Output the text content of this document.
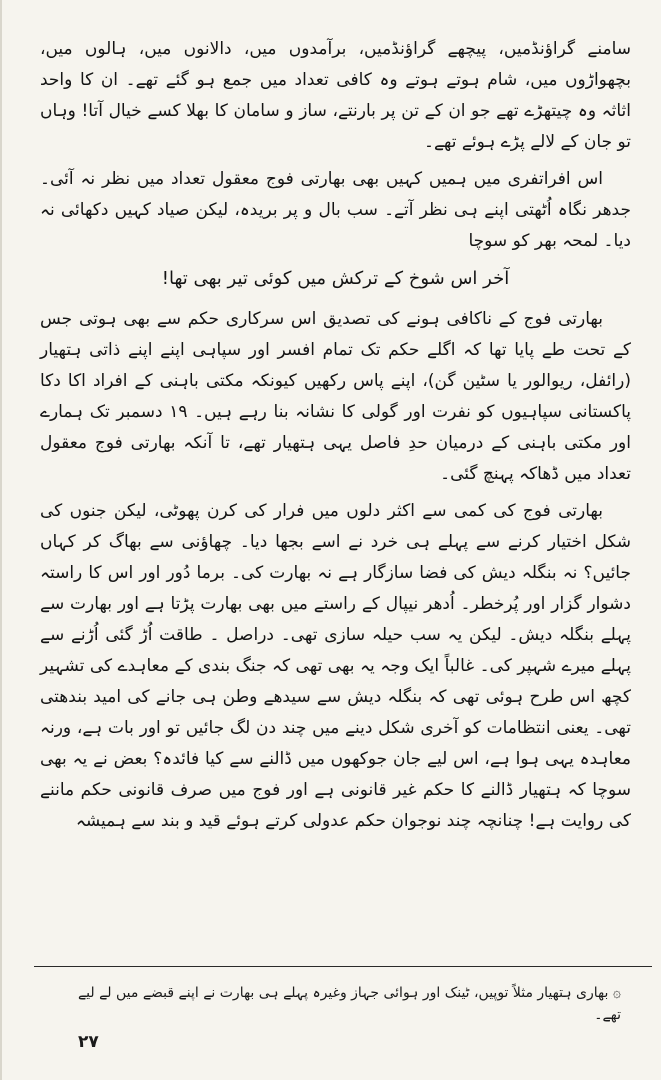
سامنے گراؤنڈمیں، پیچھے گراؤنڈمیں، برآمدوں میں، دالانوں میں، ہالوں میں، بچھواڑوں میں، شام ہوتے ہوتے وہ کافی تعداد میں جمع ہو گئے تھے۔ ان کا واحد اثاثہ وہ چیتھڑے تھے جو ان کے تن پر بارنتے، ساز و سامان کا بھلا کسے خیال آتا! وہاں تو جان کے لالے پڑے ہوئے تھے۔

اس افراتفری میں ہمیں کہیں بھی بھارتی فوج معقول تعداد میں نظر نہ آئی۔ جدھر نگاہ اُٹھتی اپنے ہی نظر آتے۔ سب بال و پر بریدہ، لیکن صیاد کہیں دکھائی نہ دیا۔ لمحہ بھر کو سوچا

آخر اس شوخ کے ترکش میں کوئی تیر بھی تھا!

بھارتی فوج کے ناکافی ہونے کی تصدیق اس سرکاری حکم سے بھی ہوتی جس کے تحت طے پایا تھا کہ اگلے حکم تک تمام افسر اور سپاہی اپنے اپنے ذاتی ہتھیار (رائفل، ریوالور یا سٹین گن)، اپنے پاس رکھیں کیونکہ مکتی باہنی کے افراد اکا دکا پاکستانی سپاہیوں کو نفرت اور گولی کا نشانہ بنا رہے ہیں۔ ۱۹ دسمبر تک ہمارے اور مکتی باہنی کے درمیان حدِ فاصل یہی ہتھیار تھے، تا آنکہ بھارتی فوج معقول تعداد میں ڈھاکہ پہنچ گئی۔

بھارتی فوج کی کمی سے اکثر دلوں میں فرار کی کرن پھوٹی، لیکن جنوں کی شکل اختیار کرنے سے پہلے ہی خرد نے اسے بجھا دیا۔ چھاؤنی سے بھاگ کر کہاں جائیں؟ نہ بنگلہ دیش کی فضا سازگار ہے نہ بھارت کی۔ برما دُور اور اس کا راستہ دشوار گزار اور پُرخطر۔ اُدھر نیپال کے راستے میں بھی بھارت پڑتا ہے اور بھارت سے پہلے بنگلہ دیش۔ لیکن یہ سب حیلہ سازی تھی۔ دراصل ۔ طاقت اُڑ گئی اُڑنے سے پہلے میرے شہپر کی۔ غالباً ایک وجہ یہ بھی تھی کہ جنگ بندی کے معاہدے کی تشہیر کچھ اس طرح ہوئی تھی کہ بنگلہ دیش سے سیدھے وطن ہی جانے کی امید بندھتی تھی۔ یعنی انتظامات کو آخری شکل دینے میں چند دن لگ جائیں تو اور بات ہے، ورنہ معاہدہ یہی ہوا ہے، اس لیے جان جوکھوں میں ڈالنے سے کیا فائدہ؟ بعض نے یہ بھی سوچا کہ ہتھیار ڈالنے کا حکم غیر قانونی ہے اور فوج میں صرف قانونی حکم ماننے کی روایت ہے! چنانچہ چند نوجوان حکم عدولی کرتے ہوئے قید و بند سے ہمیشہ

۞ بھاری ہتھیار مثلاً توپیں، ٹینک اور ہوائی جہاز وغیرہ پہلے ہی بھارت نے اپنے قبضے میں لے لیے تھے۔
۲۷
